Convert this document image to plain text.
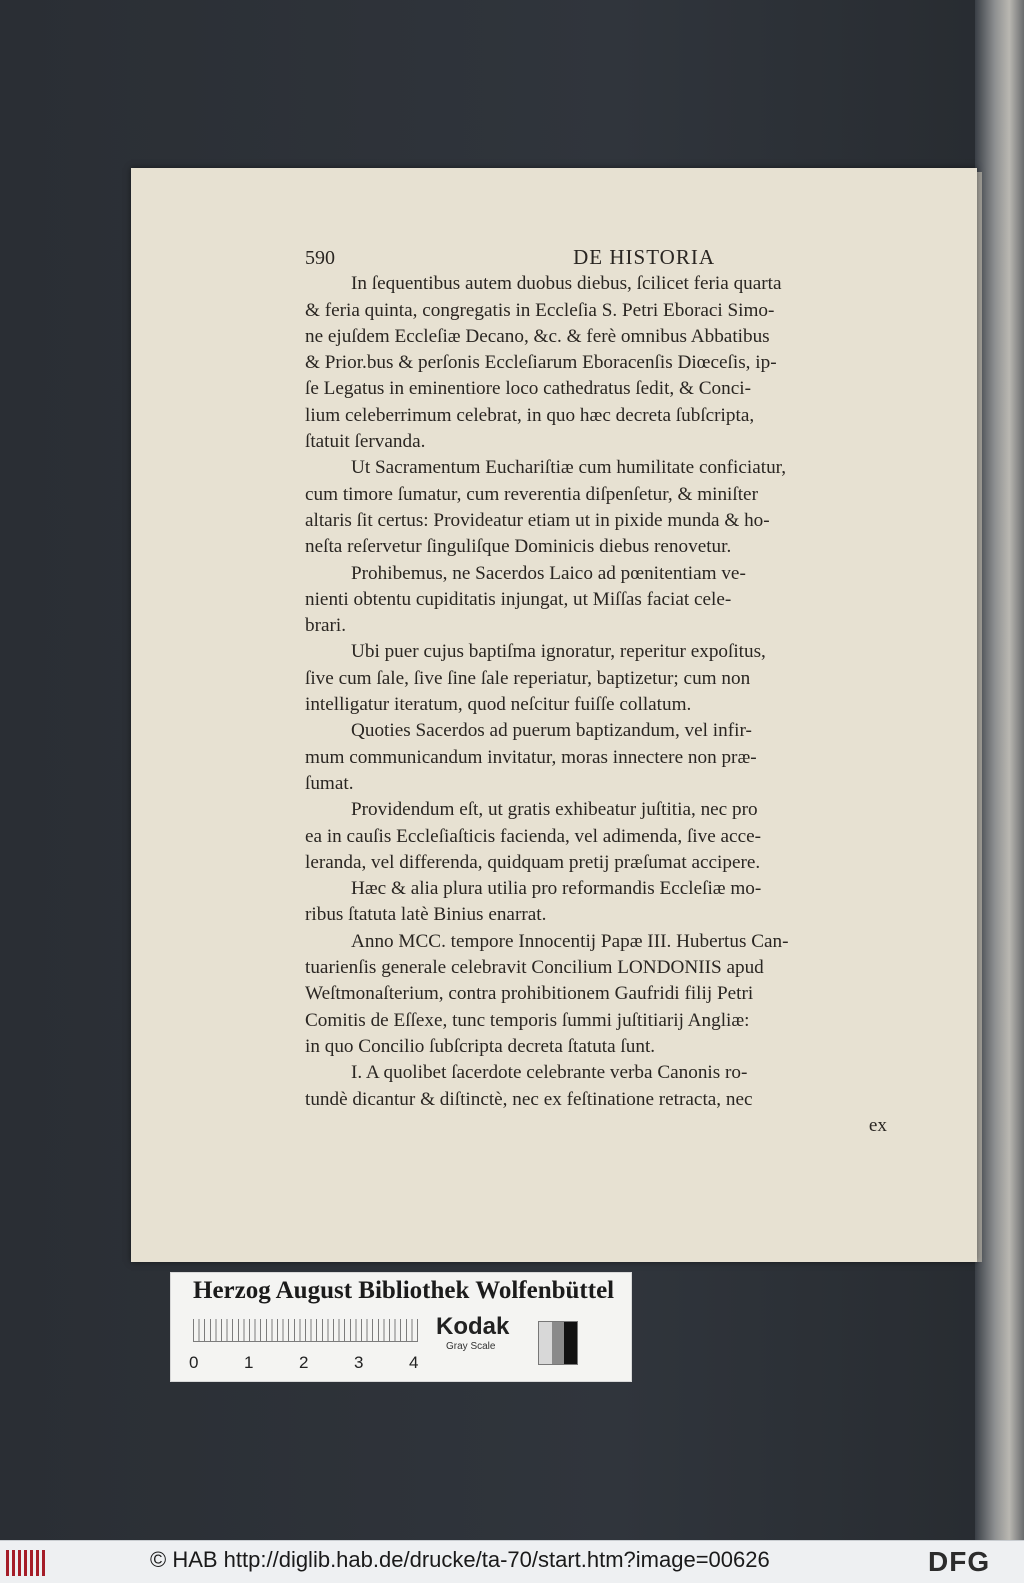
590	DE HISTORIA
In ſequentibus autem duobus diebus, ſcilicet feria quarta
& feria quinta, congregatis in Eccleſia S. Petri Eboraci Simo-
ne ejuſdem Eccleſiæ Decano, &c. & ferè omnibus Abbatibus
& Prior.bus & perſonis Eccleſiarum Eboracenſis Diœceſis, ip-
ſe Legatus in eminentiore loco cathedratus ſedit, & Conci-
lium celeberrimum celebrat, in quo hæc decreta ſubſcripta,
ſtatuit ſervanda.
Ut Sacramentum Euchariſtiæ cum humilitate conficiatur,
cum timore ſumatur, cum reverentia diſpenſetur, & miniſter
altaris ſit certus: Provideatur etiam ut in pixide munda & ho-
neſta reſervetur ſinguliſque Dominicis diebus renovetur.
Prohibemus, ne Sacerdos Laico ad pœnitentiam ve-
nienti obtentu cupiditatis injungat, ut Miſſas faciat cele-
brari.
Ubi puer cujus baptiſma ignoratur, reperitur expoſitus,
ſive cum ſale, ſive ſine ſale reperiatur, baptizetur; cum non
intelligatur iteratum, quod neſcitur fuiſſe collatum.
Quoties Sacerdos ad puerum baptizandum, vel infir-
mum communicandum invitatur, moras innectere non præ-
ſumat.
Providendum eſt, ut gratis exhibeatur juſtitia, nec pro
ea in cauſis Eccleſiaſticis facienda, vel adimenda, ſive acce-
leranda, vel differenda, quidquam pretij præſumat accipere.
Hæc & alia plura utilia pro reformandis Eccleſiæ mo-
ribus ſtatuta latè Binius enarrat.
Anno MCC. tempore Innocentij Papæ III. Hubertus Can-
tuarienſis generale celebravit Concilium LONDONIIS apud
Weſtmonaſterium, contra prohibitionem Gaufridi filij Petri
Comitis de Eſſexe, tunc temporis ſummi juſtitiarij Angliæ:
in quo Concilio ſubſcripta decreta ſtatuta ſunt.
I. A quolibet ſacerdote celebrante verba Canonis ro-
tundè dicantur & diſtinctè, nec ex feſtinatione retracta, nec
ex
Herzog August Bibliothek Wolfenbüttel
0	1	2	3	4
Kodak
Gray Scale
© HAB http://diglib.hab.de/drucke/ta-70/start.htm?image=00626	DFG
